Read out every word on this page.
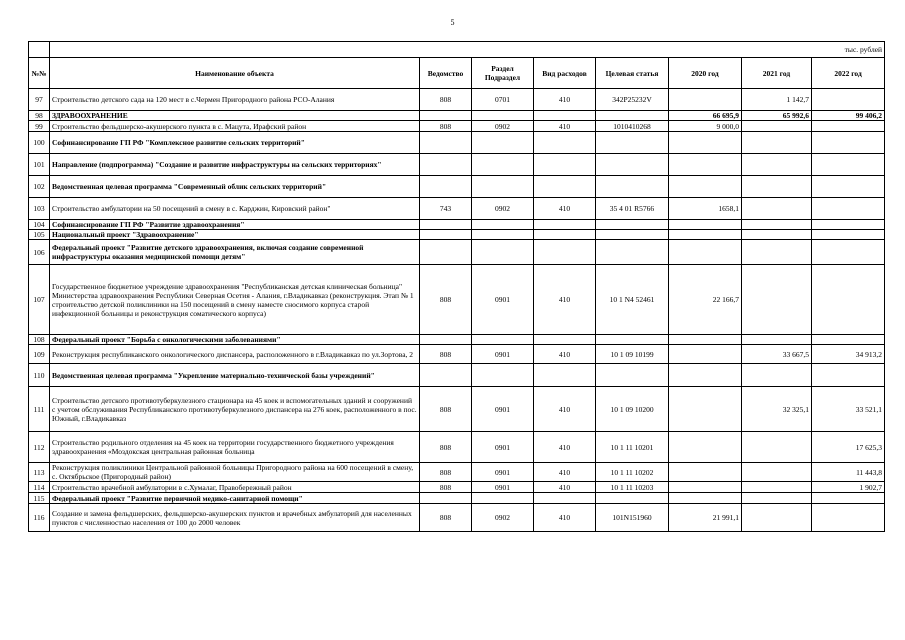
5
	тыс. рублей							
№№	Наименование объекта	Ведомство	Раздел Подраздел	Вид расходов	Целевая статья	2020 год	2021 год	2022 год
97	Строительство детского сада на 120 мест в с.Чермен Пригородного района РСО-Алания	808	0701	410	342P25232V		1 142,7	
98	ЗДРАВООХРАНЕНИЕ					66 695,9	65 992,6	99 406,2
99	Строительство фельдшерско-акушерского пункта в с. Мацута, Ирафский район	808	0902	410	1010410268	9 000,0		
100	Софинансирование ГП РФ "Комплексное развитие сельских территорий"							
101	Направление (подпрограмма) "Создание и развитие инфраструктуры на сельских территориях"							
102	Ведомственная целевая программа "Современный облик сельских территорий"							
103	Строительство амбулатории на 50 посещений в смену в с. Карджин, Кировский район"	743	0902	410	35 4 01 R5766	1658,1		
104	Софинансирование ГП РФ "Развитие здравоохранения"							
105	Национальный проект "Здравоохранение"							
106	Федеральный проект "Развитие детского здравоохранения, включая создание современной инфраструктуры оказания медицинской помощи детям"							
107	Государственное бюджетное учреждение здравоохранения "Республиканская детская клиническая больница" Министерства здравоохранения Республики Северная Осетия - Алания, г.Владикавказ (реконструкция. Этап № 1 строительство детской поликлиники на 150 посещений в смену наместе сносимого корпуса старой инфекционной больницы и реконструкция соматического корпуса)	808	0901	410	10 1 N4 52461	22 166,7		
108	Федеральный проект "Борьба с онкологическими заболеваниями"							
109	Реконструкция республиканского онкологического диспансера, расположенного в г.Владикавказ по ул.Зортова, 2	808	0901	410	10 1 09 10199		33 667,5	34 913,2
110	Ведомственная целевая программа "Укрепление материально-технической базы учреждений"							
111	Строительство детского противотуберкулезного стационара на 45 коек и вспомогательных зданий и сооружений с учетом обслуживания Республиканского противотуберкулезного диспансера на 276 коек, расположенного в пос. Южный, г.Владикавказ	808	0901	410	10 1 09 10200		32 325,1	33 521,1
112	Строительство родильного отделения на 45 коек на территории государственного бюджетного учреждения здравоохранения «Моздокская центральная районная больница	808	0901	410	10 1 11 10201			17 625,3
113	Реконструкция поликлиники Центральной районной больницы Пригородного района на 600 посещений в смену, с. Октябрьское (Пригородный район)	808	0901	410	10 1 11 10202			11 443,8
114	Строительство врачебной амбулатории в с.Хумалаг, Правобережный район	808	0901	410	10 1 11 10203			1 902,7
115	Федеральный проект "Развитие первичной медико-санитарной помощи"							
116	Создание и замена фельдшерских, фельдшерско-акушерских пунктов и врачебных амбулаторий для населенных пунктов с численностью населения от 100 до 2000 человек	808	0902	410	101N151960	21 991,1		
